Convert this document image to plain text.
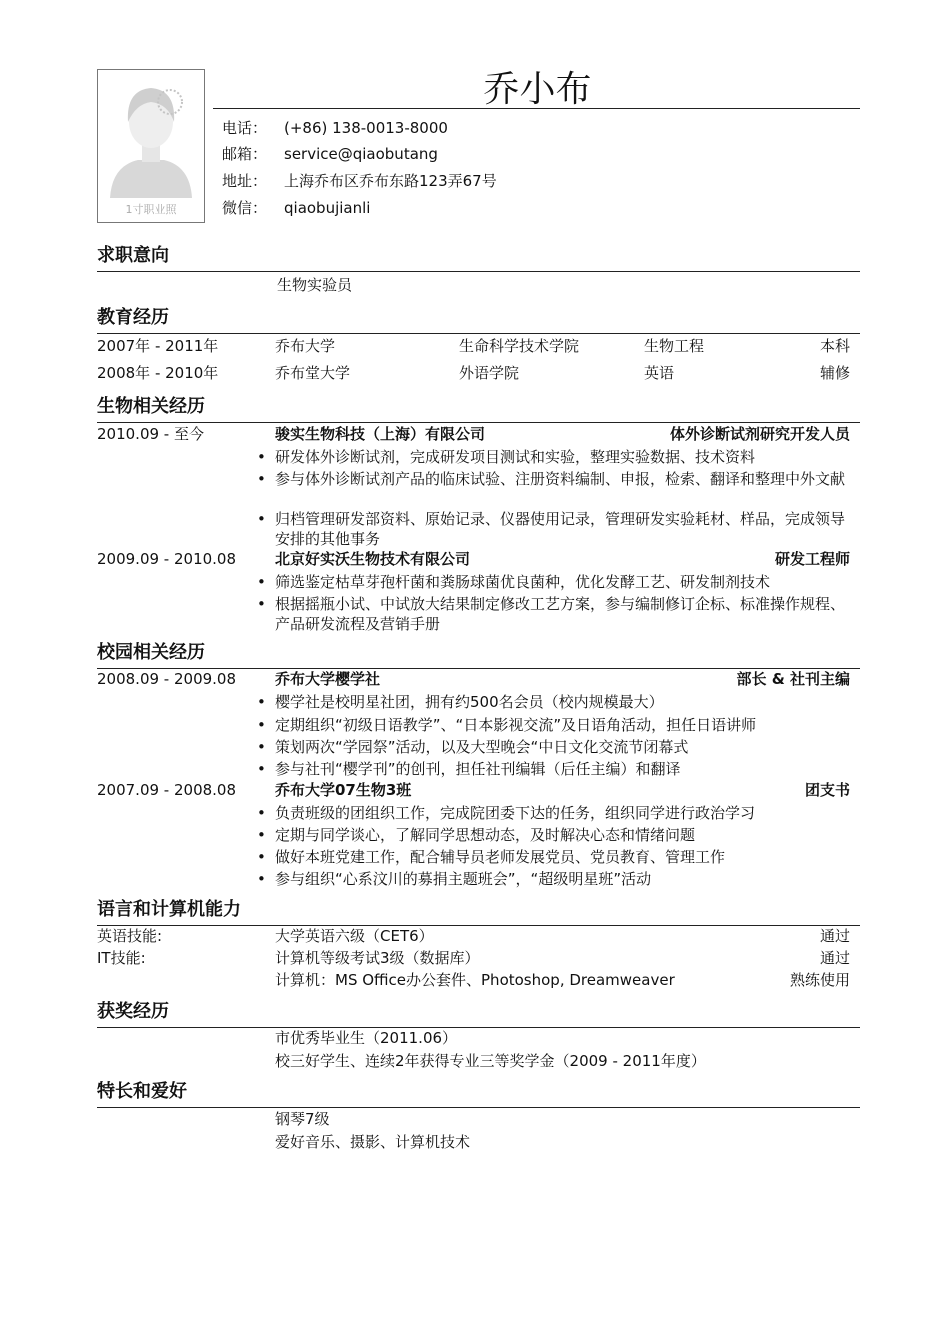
1寸职业照
乔小布
电话： (+86) 138-0013-8000
邮箱： service@qiaobutang
地址： 上海乔布区乔布东路123弄67号
微信： qiaobujianli
求职意向
生物实验员
教育经历
2007年 - 2011年	乔布大学	生命科学技术学院	生物工程	本科
2008年 - 2010年	乔布堂大学	外语学院	英语	辅修
生物相关经历
2010.09 - 至今	骏实生物科技（上海）有限公司	体外诊断试剂研究开发人员
• 研发体外诊断试剂，完成研发项目测试和实验，整理实验数据、技术资料
• 参与体外诊断试剂产品的临床试验、注册资料编制、申报，检索、翻译和整理中外文献
• 归档管理研发部资料、原始记录、仪器使用记录，管理研发实验耗材、样品，完成领导安排的其他事务
2009.09 - 2010.08	北京好实沃生物技术有限公司	研发工程师
• 筛选鉴定枯草芽孢杆菌和粪肠球菌优良菌种，优化发酵工艺、研发制剂技术
• 根据摇瓶小试、中试放大结果制定修改工艺方案，参与编制修订企标、标准操作规程、产品研发流程及营销手册
校园相关经历
2008.09 - 2009.08	乔布大学樱学社	部长 & 社刊主编
• 樱学社是校明星社团，拥有约500名会员（校内规模最大）
• 定期组织“初级日语教学”、“日本影视交流”及日语角活动，担任日语讲师
• 策划两次“学园祭”活动，以及大型晚会“中日文化交流节闭幕式
• 参与社刊“樱学刊”的创刊，担任社刊编辑（后任主编）和翻译
2007.09 - 2008.08	乔布大学07生物3班	团支书
• 负责班级的团组织工作，完成院团委下达的任务，组织同学进行政治学习
• 定期与同学谈心，了解同学思想动态，及时解决心态和情绪问题
• 做好本班党建工作，配合辅导员老师发展党员、党员教育、管理工作
• 参与组织“心系汶川的募捐主题班会”，“超级明星班”活动
语言和计算机能力
英语技能:	大学英语六级（CET6）	通过
IT技能:	计算机等级考试3级（数据库）	通过
计算机：MS Office办公套件、Photoshop, Dreamweaver	熟练使用
获奖经历
市优秀毕业生（2011.06）
校三好学生、连续2年获得专业三等奖学金（2009 - 2011年度）
特长和爱好
钢琴7级
爱好音乐、摄影、计算机技术
